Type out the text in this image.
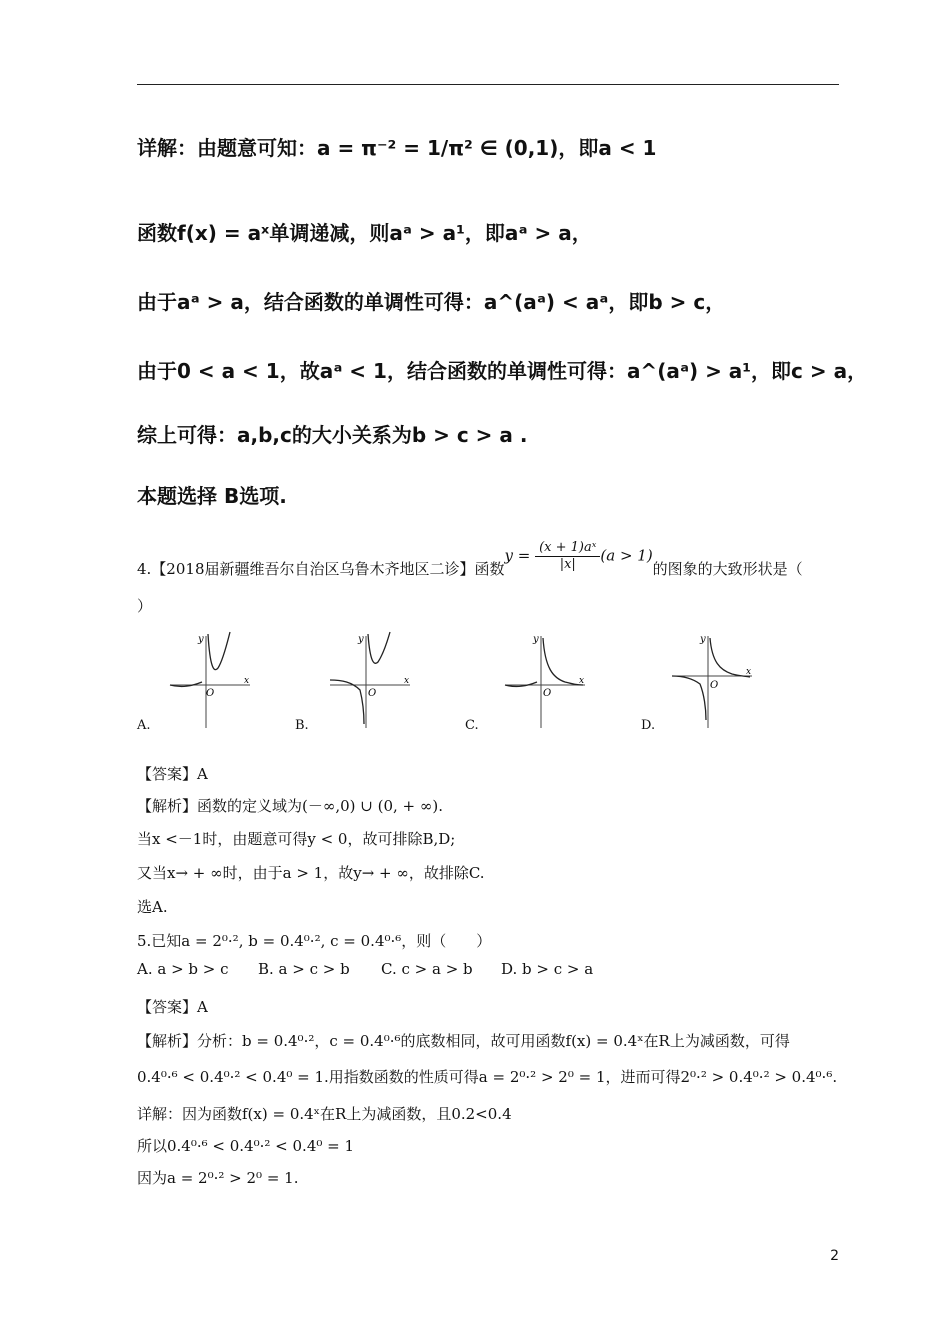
详解：由题意可知：a = π⁻² = 1/π² ∈ (0,1)，即a < 1
函数f(x) = aˣ单调递减，则aᵃ > a¹，即aᵃ > a，
由于aᵃ > a，结合函数的单调性可得：a^(aᵃ) < aᵃ，即b > c，
由于0 < a < 1，故aᵃ < 1，结合函数的单调性可得：a^(aᵃ) > a¹，即c > a，
综上可得：a,b,c的大小关系为b > c > a .
本题选择 B选项.
4.【2018届新疆维吾尔自治区乌鲁木齐地区二诊】函数$y = \frac{\text{(x + 1)aˣ}}{|x|} (a > 1)$的图象的大致形状是（
）
y
O
x
A.
y
O
x
B.
y
O
x
C.
y
O
x
D.
【答案】A
【解析】函数的定义域为(－∞,0) ∪ (0, + ∞).
当x <－1时，由题意可得y < 0，故可排除B,D;
又当x→ + ∞时，由于a > 1，故y→ + ∞，故排除C.
选A.
5.已知a = 2⁰·², b = 0.4⁰·², c = 0.4⁰·⁶，则（　　）
A. a > b > c B. a > c > b C. c > a > b D. b > c > a
【答案】A
【解析】分析：b = 0.4⁰·²，c = 0.4⁰·⁶的底数相同，故可用函数f(x) = 0.4ˣ在R上为减函数，可得
0.4⁰·⁶ < 0.4⁰·² < 0.4⁰ = 1.用指数函数的性质可得a = 2⁰·² > 2⁰ = 1，进而可得2⁰·² > 0.4⁰·² > 0.4⁰·⁶.
详解：因为函数f(x) = 0.4ˣ在R上为减函数，且0.2<0.4
所以0.4⁰·⁶ < 0.4⁰·² < 0.4⁰ = 1
因为a = 2⁰·² > 2⁰ = 1.
2
